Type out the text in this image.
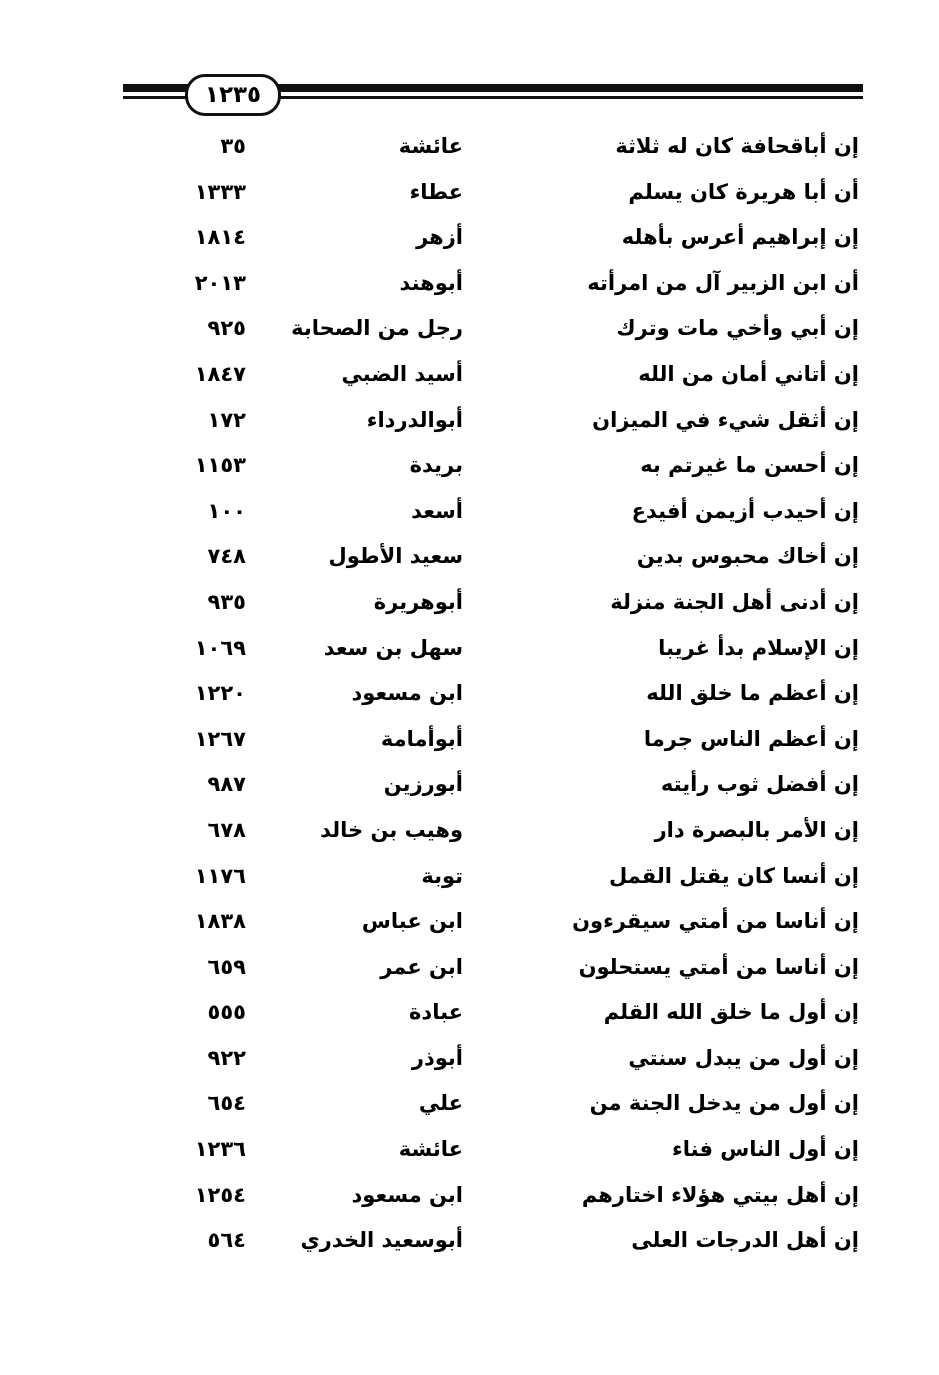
١٢٣٥
إن أباقحافة كان له ثلاثة
عائشة
٣٥
أن أبا هريرة كان يسلم
عطاء
١٣٣٣
إن إبراهيم أعرس بأهله
أزهر
١٨١٤
أن ابن الزبير آل من امرأته
أبوهند
٢٠١٣
إن أبي وأخي مات وترك
رجل من الصحابة
٩٢٥
إن أتاني أمان من الله
أسيد الضبي
١٨٤٧
إن أثقل شيء في الميزان
أبوالدرداء
١٧٢
إن أحسن ما غيرتم به
بريدة
١١٥٣
إن أحيدب أزيمن أفيدع
أسعد
١٠٠
إن أخاك محبوس بدين
سعيد الأطول
٧٤٨
إن أدنى أهل الجنة منزلة
أبوهريرة
٩٣٥
إن الإسلام بدأ غريبا
سهل بن سعد
١٠٦٩
إن أعظم ما خلق الله
ابن مسعود
١٢٢٠
إن أعظم الناس جرما
أبوأمامة
١٢٦٧
إن أفضل ثوب رأيته
أبورزين
٩٨٧
إن الأمر بالبصرة دار
وهيب بن خالد
٦٧٨
إن أنسا كان يقتل القمل
توبة
١١٧٦
إن أناسا من أمتي سيقرءون
ابن عباس
١٨٣٨
إن أناسا من أمتي يستحلون
ابن عمر
٦٥٩
إن أول ما خلق الله القلم
عبادة
٥٥٥
إن أول من يبدل سنتي
أبوذر
٩٢٢
إن أول من يدخل الجنة من
علي
٦٥٤
إن أول الناس فناء
عائشة
١٢٣٦
إن أهل بيتي هؤلاء اختارهم
ابن مسعود
١٢٥٤
إن أهل الدرجات العلى
أبوسعيد الخدري
٥٦٤
